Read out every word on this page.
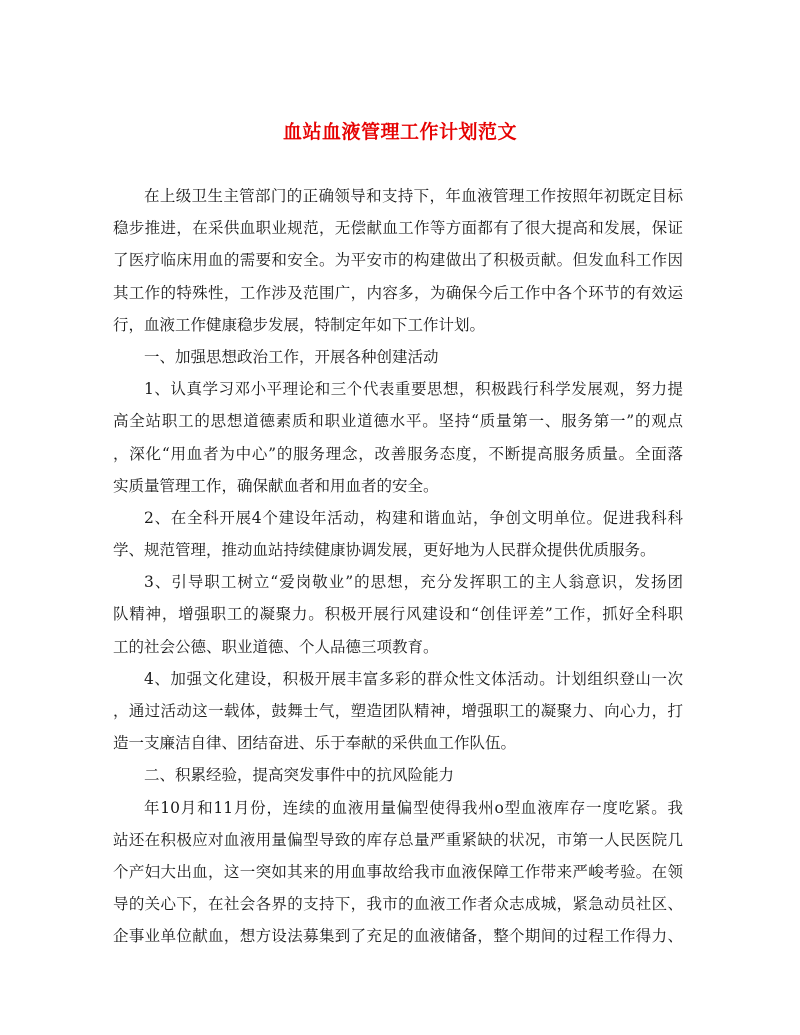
血站血液管理工作计划范文
在上级卫生主管部门的正确领导和支持下，年血液管理工作按照年初既定目标
稳步推进，在采供血职业规范，无偿献血工作等方面都有了很大提高和发展，保证
了医疗临床用血的需要和安全。为平安市的构建做出了积极贡献。但发血科工作因
其工作的特殊性，工作涉及范围广，内容多，为确保今后工作中各个环节的有效运
行，血液工作健康稳步发展，特制定年如下工作计划。
一、加强思想政治工作，开展各种创建活动
1、认真学习邓小平理论和三个代表重要思想，积极践行科学发展观，努力提
高全站职工的思想道德素质和职业道德水平。坚持“质量第一、服务第一”的观点
，深化“用血者为中心”的服务理念，改善服务态度，不断提高服务质量。全面落
实质量管理工作，确保献血者和用血者的安全。
2、在全科开展4个建设年活动，构建和谐血站，争创文明单位。促进我科科
学、规范管理，推动血站持续健康协调发展，更好地为人民群众提供优质服务。
3、引导职工树立“爱岗敬业”的思想，充分发挥职工的主人翁意识，发扬团
队精神，增强职工的凝聚力。积极开展行风建设和“创佳评差”工作，抓好全科职
工的社会公德、职业道德、个人品德三项教育。
4、加强文化建设，积极开展丰富多彩的群众性文体活动。计划组织登山一次
，通过活动这一载体，鼓舞士气，塑造团队精神，增强职工的凝聚力、向心力，打
造一支廉洁自律、团结奋进、乐于奉献的采供血工作队伍。
二、积累经验，提高突发事件中的抗风险能力
年10月和11月份，连续的血液用量偏型使得我州o型血液库存一度吃紧。我
站还在积极应对血液用量偏型导致的库存总量严重紧缺的状况，市第一人民医院几
个产妇大出血，这一突如其来的用血事故给我市血液保障工作带来严峻考验。在领
导的关心下，在社会各界的支持下，我市的血液工作者众志成城，紧急动员社区、
企事业单位献血，想方设法募集到了充足的血液储备，整个期间的过程工作得力、
